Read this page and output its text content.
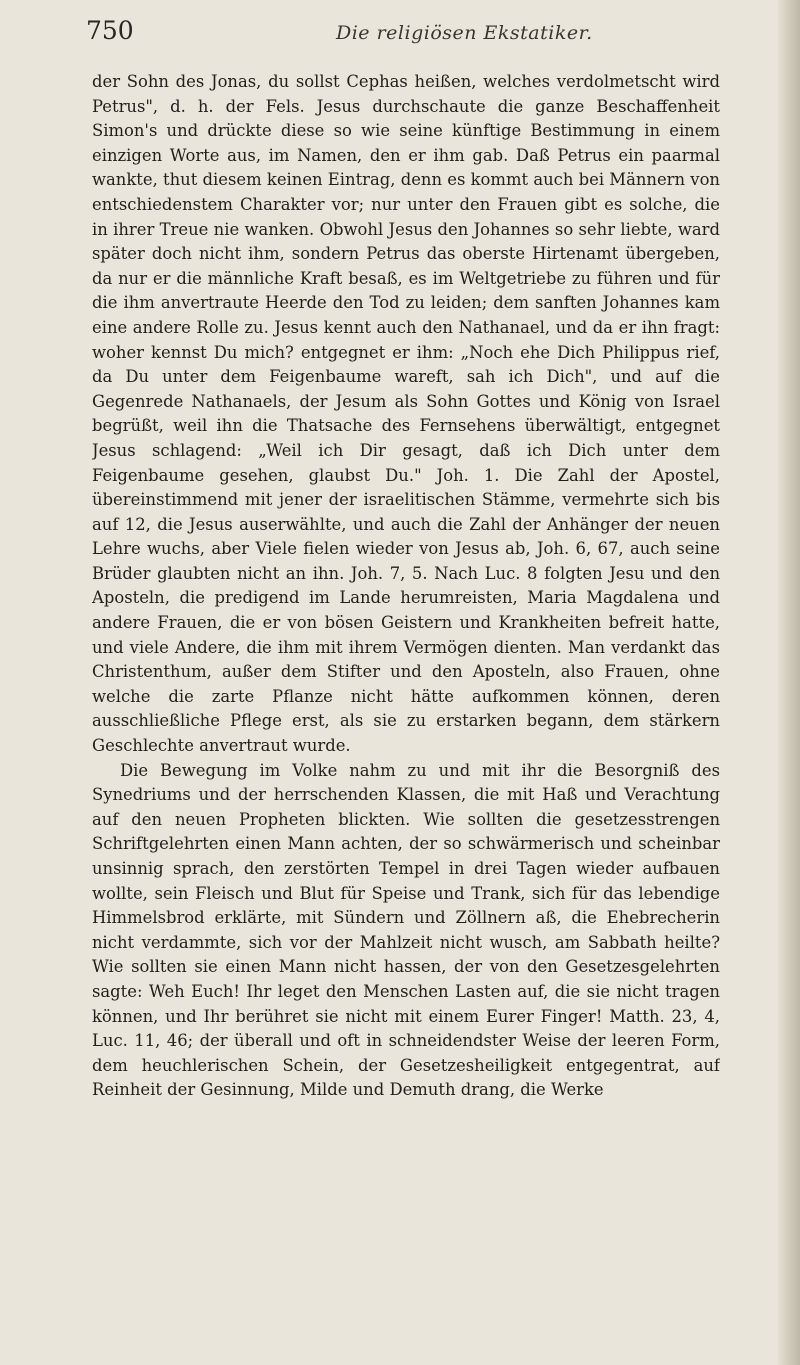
750	Die religiösen Ekstatiker.

der Sohn des Jonas, du sollst Cephas heißen, welches verdolmetscht wird Petrus", d. h. der Fels. Jesus durchschaute die ganze Beschaffenheit Simon's und drückte diese so wie seine künftige Bestimmung in einem einzigen Worte aus, im Namen, den er ihm gab. Daß Petrus ein paarmal wankte, thut diesem keinen Eintrag, denn es kommt auch bei Männern von entschiedenstem Charakter vor; nur unter den Frauen gibt es solche, die in ihrer Treue nie wanken. Obwohl Jesus den Johannes so sehr liebte, ward später doch nicht ihm, sondern Petrus das oberste Hirtenamt übergeben, da nur er die männliche Kraft besaß, es im Weltgetriebe zu führen und für die ihm anvertraute Heerde den Tod zu leiden; dem sanften Johannes kam eine andere Rolle zu. Jesus kennt auch den Nathanael, und da er ihn fragt: woher kennst Du mich? entgegnet er ihm: „Noch ehe Dich Philippus rief, da Du unter dem Feigenbaume wareft, sah ich Dich", und auf die Gegenrede Nathanaels, der Jesum als Sohn Gottes und König von Israel begrüßt, weil ihn die Thatsache des Fernsehens überwältigt, entgegnet Jesus schlagend: „Weil ich Dir gesagt, daß ich Dich unter dem Feigenbaume gesehen, glaubst Du." Joh. 1. Die Zahl der Apostel, übereinstimmend mit jener der israelitischen Stämme, vermehrte sich bis auf 12, die Jesus auserwählte, und auch die Zahl der Anhänger der neuen Lehre wuchs, aber Viele fielen wieder von Jesus ab, Joh. 6, 67, auch seine Brüder glaubten nicht an ihn. Joh. 7, 5. Nach Luc. 8 folgten Jesu und den Aposteln, die predigend im Lande herumreisten, Maria Magdalena und andere Frauen, die er von bösen Geistern und Krankheiten befreit hatte, und viele Andere, die ihm mit ihrem Vermögen dienten. Man verdankt das Christenthum, außer dem Stifter und den Aposteln, also Frauen, ohne welche die zarte Pflanze nicht hätte aufkommen können, deren ausschließliche Pflege erst, als sie zu erstarken begann, dem stärkern Geschlechte anvertraut wurde.

Die Bewegung im Volke nahm zu und mit ihr die Besorgniß des Synedriums und der herrschenden Klassen, die mit Haß und Verachtung auf den neuen Propheten blickten. Wie sollten die gesetzesstrengen Schriftgelehrten einen Mann achten, der so schwärmerisch und scheinbar unsinnig sprach, den zerstörten Tempel in drei Tagen wieder aufbauen wollte, sein Fleisch und Blut für Speise und Trank, sich für das lebendige Himmelsbrod erklärte, mit Sündern und Zöllnern aß, die Ehebrecherin nicht verdammte, sich vor der Mahlzeit nicht wusch, am Sabbath heilte? Wie sollten sie einen Mann nicht hassen, der von den Gesetzesgelehrten sagte: Weh Euch! Ihr leget den Menschen Lasten auf, die sie nicht tragen können, und Ihr berühret sie nicht mit einem Eurer Finger! Matth. 23, 4, Luc. 11, 46; der überall und oft in schneidendster Weise der leeren Form, dem heuchlerischen Schein, der Gesetzesheiligkeit entgegentrat, auf Reinheit der Gesinnung, Milde und Demuth drang, die Werke
